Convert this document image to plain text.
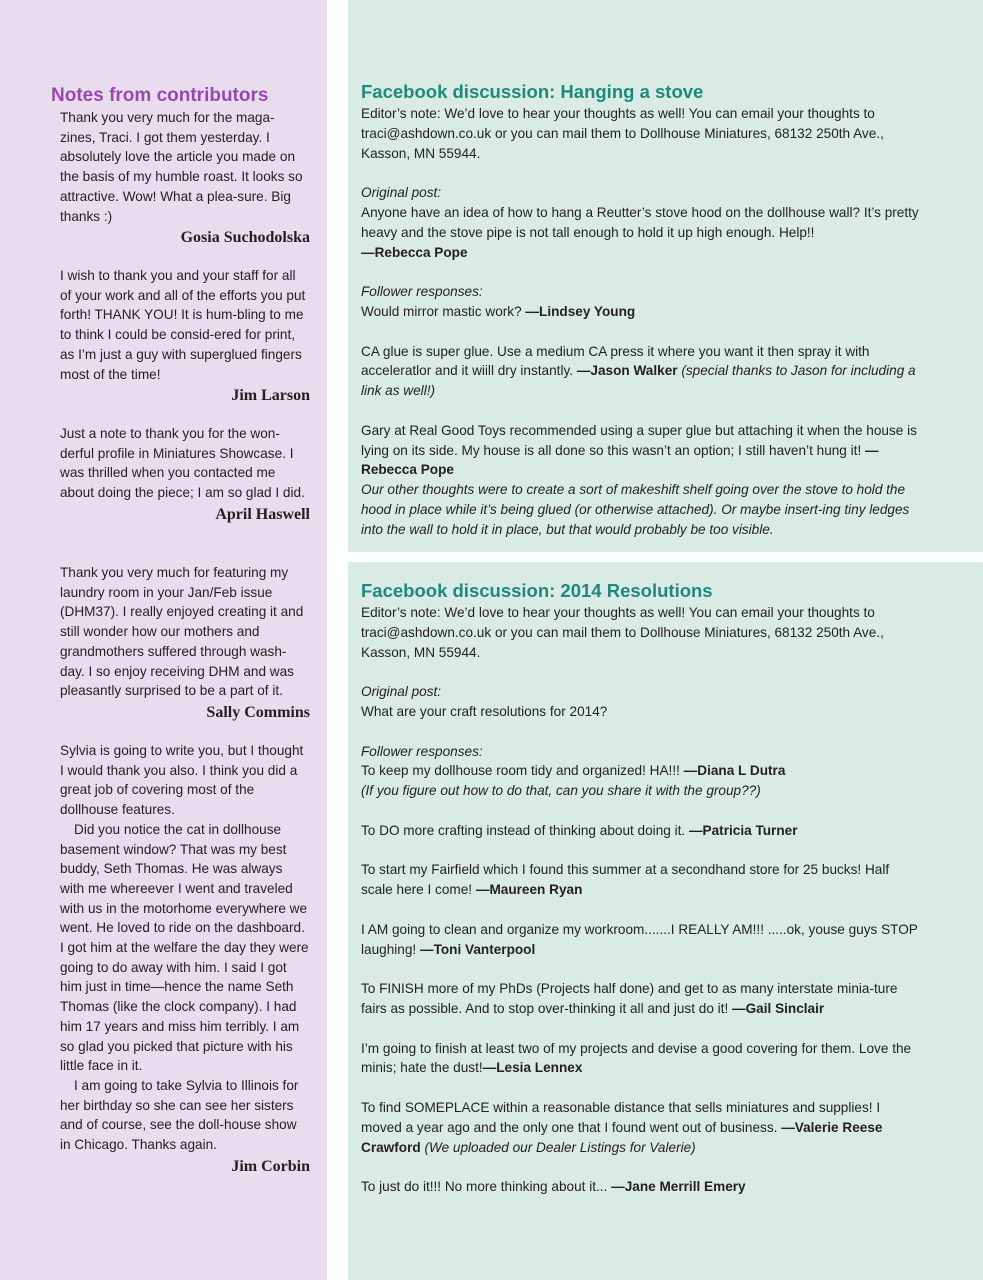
Notes from contributors

Thank you very much for the maga-zines, Traci. I got them yesterday. I absolutely love the article you made on the basis of my humble roast. It looks so attractive. Wow! What a plea-sure. Big thanks :)

Gosia Suchodolska

I wish to thank you and your staff for all of your work and all of the efforts you put forth! THANK YOU! It is hum-bling to me to think I could be consid-ered for print, as I’m just a guy with superglued fingers most of the time!

Jim Larson

Just a note to thank you for the won-derful profile in Miniatures Showcase. I was thrilled when you contacted me about doing the piece; I am so glad I did.

April Haswell

Thank you very much for featuring my laundry room in your Jan/Feb issue (DHM37). I really enjoyed creating it and still wonder how our mothers and grandmothers suffered through wash-day. I so enjoy receiving DHM and was pleasantly surprised to be a part of it.

Sally Commins

Sylvia is going to write you, but I thought I would thank you also. I think you did a great job of covering most of the dollhouse features.

Did you notice the cat in dollhouse basement window? That was my best buddy, Seth Thomas. He was always with me whereever I went and traveled with us in the motorhome everywhere we went. He loved to ride on the dashboard. I got him at the welfare the day they were going to do away with him. I said I got him just in time—hence the name Seth Thomas (like the clock company). I had him 17 years and miss him terribly. I am so glad you picked that picture with his little face in it.

I am going to take Sylvia to Illinois for her birthday so she can see her sisters and of course, see the doll-house show in Chicago. Thanks again.

Jim Corbin
Facebook discussion: Hanging a stove

Editor’s note: We’d love to hear your thoughts as well! You can email your thoughts to traci@ashdown.co.uk or you can mail them to Dollhouse Miniatures, 68132 250th Ave., Kasson, MN 55944.

Original post:

Anyone have an idea of how to hang a Reutter’s stove hood on the dollhouse wall? It’s pretty heavy and the stove pipe is not tall enough to hold it up high enough. Help!!
—Rebecca Pope

Follower responses:

Would mirror mastic work? —Lindsey Young

CA glue is super glue. Use a medium CA press it where you want it then spray it with acceleratlor and it wiill dry instantly. —Jason Walker (special thanks to Jason for including a link as well!)

Gary at Real Good Toys recommended using a super glue but attaching it when the house is lying on its side. My house is all done so this wasn’t an option; I still haven’t hung it! —Rebecca Pope

Our other thoughts were to create a sort of makeshift shelf going over the stove to hold the hood in place while it’s being glued (or otherwise attached). Or maybe insert-ing tiny ledges into the wall to hold it in place, but that would probably be too visible.

Facebook discussion: 2014 Resolutions

Editor’s note: We’d love to hear your thoughts as well! You can email your thoughts to traci@ashdown.co.uk or you can mail them to Dollhouse Miniatures, 68132 250th Ave., Kasson, MN 55944.

Original post:

What are your craft resolutions for 2014?

Follower responses:

To keep my dollhouse room tidy and organized! HA!!! —Diana L Dutra

(If you figure out how to do that, can you share it with the group??)

To DO more crafting instead of thinking about doing it. —Patricia Turner

To start my Fairfield which I found this summer at a secondhand store for 25 bucks! Half scale here I come! —Maureen Ryan

I AM going to clean and organize my workroom.......I REALLY AM!!! .....ok, youse guys STOP laughing! —Toni Vanterpool

To FINISH more of my PhDs (Projects half done) and get to as many interstate minia-ture fairs as possible. And to stop over-thinking it all and just do it! —Gail Sinclair

I’m going to finish at least two of my projects and devise a good covering for them. Love the minis; hate the dust!—Lesia Lennex

To find SOMEPLACE within a reasonable distance that sells miniatures and supplies! I moved a year ago and the only one that I found went out of business. —Valerie Reese Crawford (We uploaded our Dealer Listings for Valerie)

To just do it!!! No more thinking about it... —Jane Merrill Emery
